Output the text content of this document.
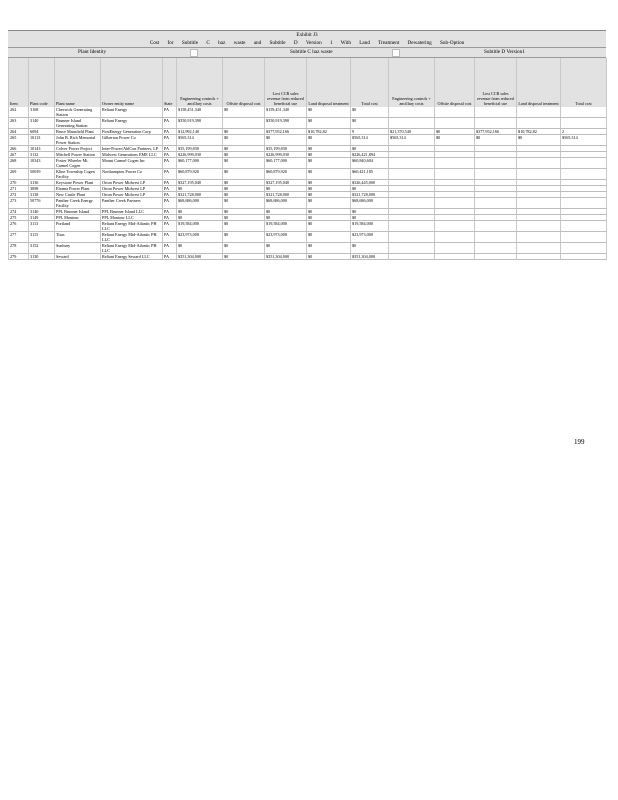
Exhibit J3
Cost for Subtitle C haz waste and Subtitle D Version 1 With Land Treatment Dewatering Sub-Option
Plant Identity	Subtitle C haz waste	Subtitle D Version1
Item	Plant code	Plant name	Owner entity name	State	Engineering controls + ancillary costs	Offsite disposal cost	Lost CCR sales revenue from reduced beneficial use	Land disposal treatment	Total cost	Engineering controls + ancillary costs	Offsite disposal cost	Lost CCR sales revenue from reduced beneficial use	Land disposal treatment	Total cost
262	3168	Cheswick Generating Station	Reliant Energy	PA	$158,451,340	$0	$159,451,340	$0	$0					
263	3140	Brunner Island Generating Station	Reliant Energy	PA	$350,919,390		$350,919,390	$0	$0					
264	6094	Bruce Mansfield Plant	FirstEnergy Generation Corp	PA	$12,992,140	$0	$377,952,166	$10,782,82	9	$21,370,540	$0	$377,952,166	$10,782,82	2
265	10113	John B. Rich Memorial Power Station	Gilberton Power Co	PA	$565,314	$0	$0	$0	$565,314	$565,314	$0	$0	$0	$565,314
266	10143	Colver Power Project	Inter-Power/AhlCon Partners, LP	PA	$35,199,830	$0	$35,199,830	$0	$0					
267	3132	Mitchell Power Station	Midwest Generations EME LLC	PA	$226,999,030	$0	$226,999,030	$0	$226,421,894					
268	10343	Foster Wheeler Mt. Carmel Cogen	Mount Carmel Cogen Inc	PA	$60,177,000	$0	$60,177,000	$0	$60,840,604					
269	50039	Kline Township Cogen Facility	Northampton Power Co	PA	$60,879,920	$0	$60,879,920	$0	$60,421,185					
270	3136	Keystone Power Plant	Orion Power Midwest LP	PA	$327,195,040	$0	$327,195,040	$0	$326,445,000					
271	3098	Elrama Power Plant	Orion Power Midwest LP	PA	$0	$0	$0	$0	$0					
272	3138	New Castle Plant	Orion Power Midwest LP	PA	$321,728,000	$0	$321,728,000	$0	$321,728,000					
273	50776	Panther Creek Energy Facility	Panther Creek Partners	PA	$68,686,000	$0	$68,686,000	$0	$68,686,000					
274	3140	PPL Brunner Island	PPL Brunner Island LLC	PA	$0	$0	$0	$0	$0					
275	3149	PPL Montour	PPL Montour LLC	PA	$0	$0	$0	$0	$0					
276	3113	Portland	Reliant Energy Mid-Atlantic PH LLC	PA	$19,584,000	$0	$19,584,000	$0	$19,584,000					
277	3115	Titus	Reliant Energy Mid-Atlantic PH LLC	PA	$23,973,000	$0	$23,973,000	$0	$23,973,000					
278	3152	Sunbury	Reliant Energy Mid-Atlantic PH LLC	PA	$0	$0	$0	$0	$0					
279	3130	Seward	Reliant Energy Seward LLC	PA	$351,304,000	$0	$351,304,000	$0	$351,304,000					
199
